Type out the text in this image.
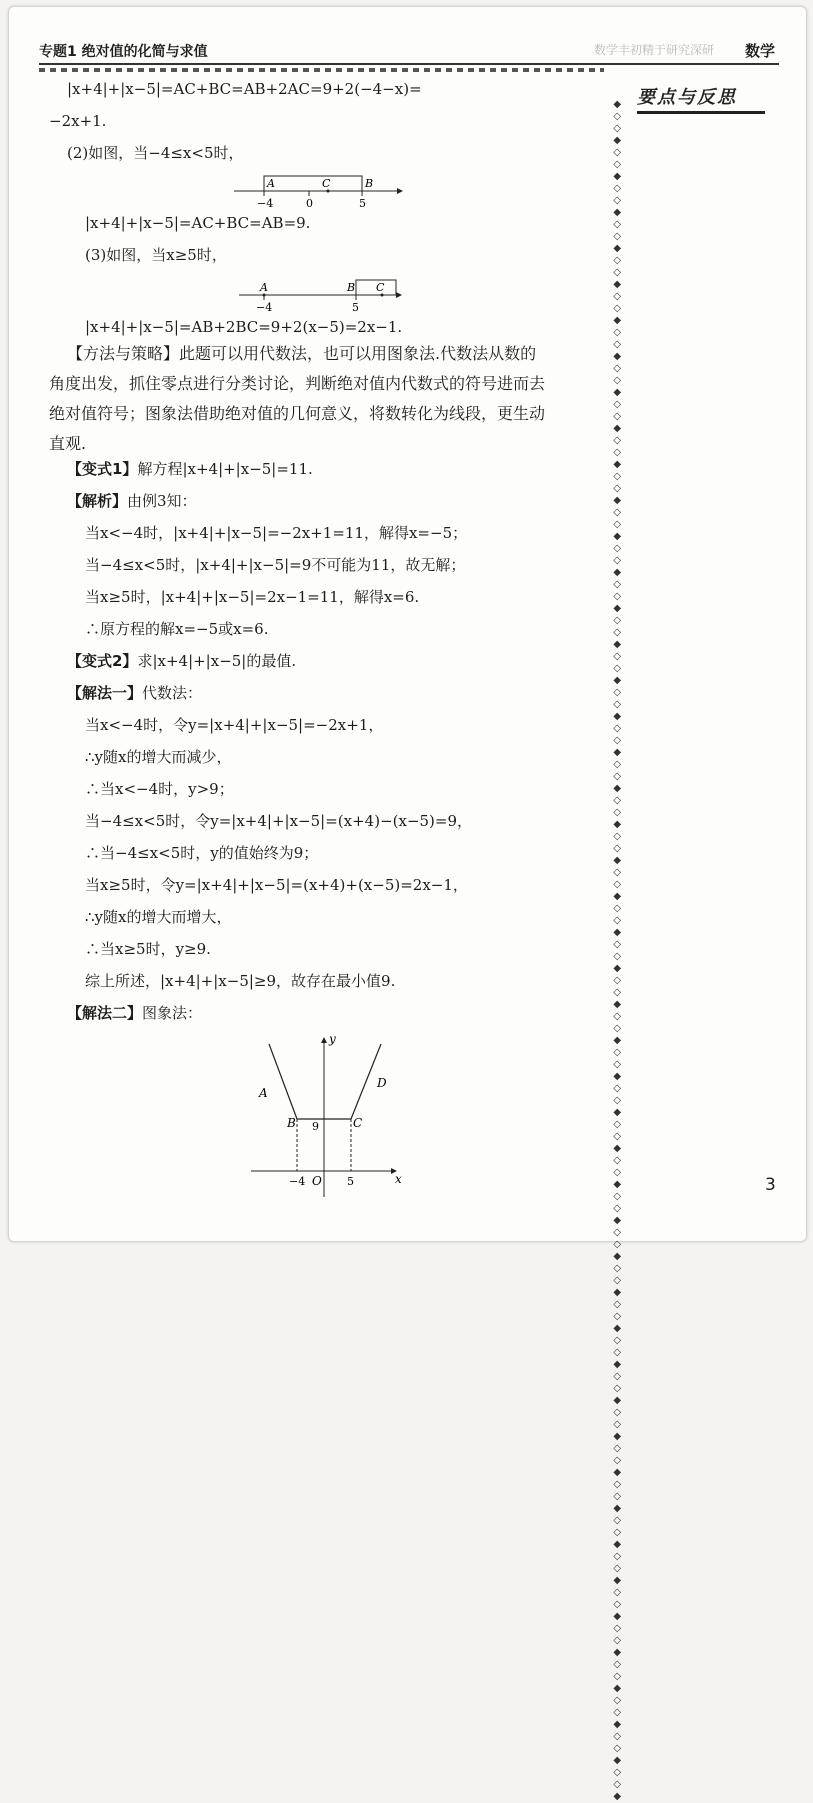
专题1 绝对值的化简与求值	数学丰初精于研究深研 数学
要点与反思
◆◇◇◆◇◇◆◇◇◆◇◇◆◇◇◆◇◇◆◇◇◆◇◇◆◇◇◆◇◇◆◇◇◆◇◇◆◇◇◆◇◇◆◇◇◆◇◇◆◇◇◆◇◇◆◇◇◆◇◇◆◇◇◆◇◇◆◇◇◆◇◇◆◇◇◆◇◇◆◇◇◆◇◇◆◇◇◆◇◇◆◇◇◆◇◇◆◇◇◆◇◇◆◇◇◆◇◇◆◇◇◆◇◇◆◇◇◆◇◇◆◇◇◆◇◇◆◇◇◆◇◇◆◇◇◆◇◇◆◇◇◆
|x+4|+|x−5|=AC+BC=AB+2AC=9+2(−4−x)=
−2x+1.
(2)如图，当−4≤x<5时，
A	C	B
−4	0	5
|x+4|+|x−5|=AC+BC=AB=9.
(3)如图，当x≥5时，
A	B C
−4	5
|x+4|+|x−5|=AB+2BC=9+2(x−5)=2x−1.
【方法与策略】此题可以用代数法，也可以用图象法.代数法从数的
角度出发，抓住零点进行分类讨论，判断绝对值内代数式的符号进而去
绝对值符号；图象法借助绝对值的几何意义，将数转化为线段，更生动
直观.
【变式1】解方程|x+4|+|x−5|=11.
【解析】由例3知：
当x<−4时，|x+4|+|x−5|=−2x+1=11，解得x=−5；
当−4≤x<5时，|x+4|+|x−5|=9不可能为11，故无解；
当x≥5时，|x+4|+|x−5|=2x−1=11，解得x=6.
∴原方程的解x=−5或x=6.
【变式2】求|x+4|+|x−5|的最值.
【解法一】代数法：
当x<−4时，令y=|x+4|+|x−5|=−2x+1，
∴y随x的增大而减少，
∴当x<−4时，y>9；
当−4≤x<5时，令y=|x+4|+|x−5|=(x+4)−(x−5)=9，
∴当−4≤x<5时，y的值始终为9；
当x≥5时，令y=|x+4|+|x−5|=(x+4)+(x−5)=2x−1，
∴y随x的增大而增大，
∴当x≥5时，y≥9.
综上所述，|x+4|+|x−5|≥9，故存在最小值9.
【解法二】图象法：
A
B	C
D
9
O
−4	5	x
y
3
